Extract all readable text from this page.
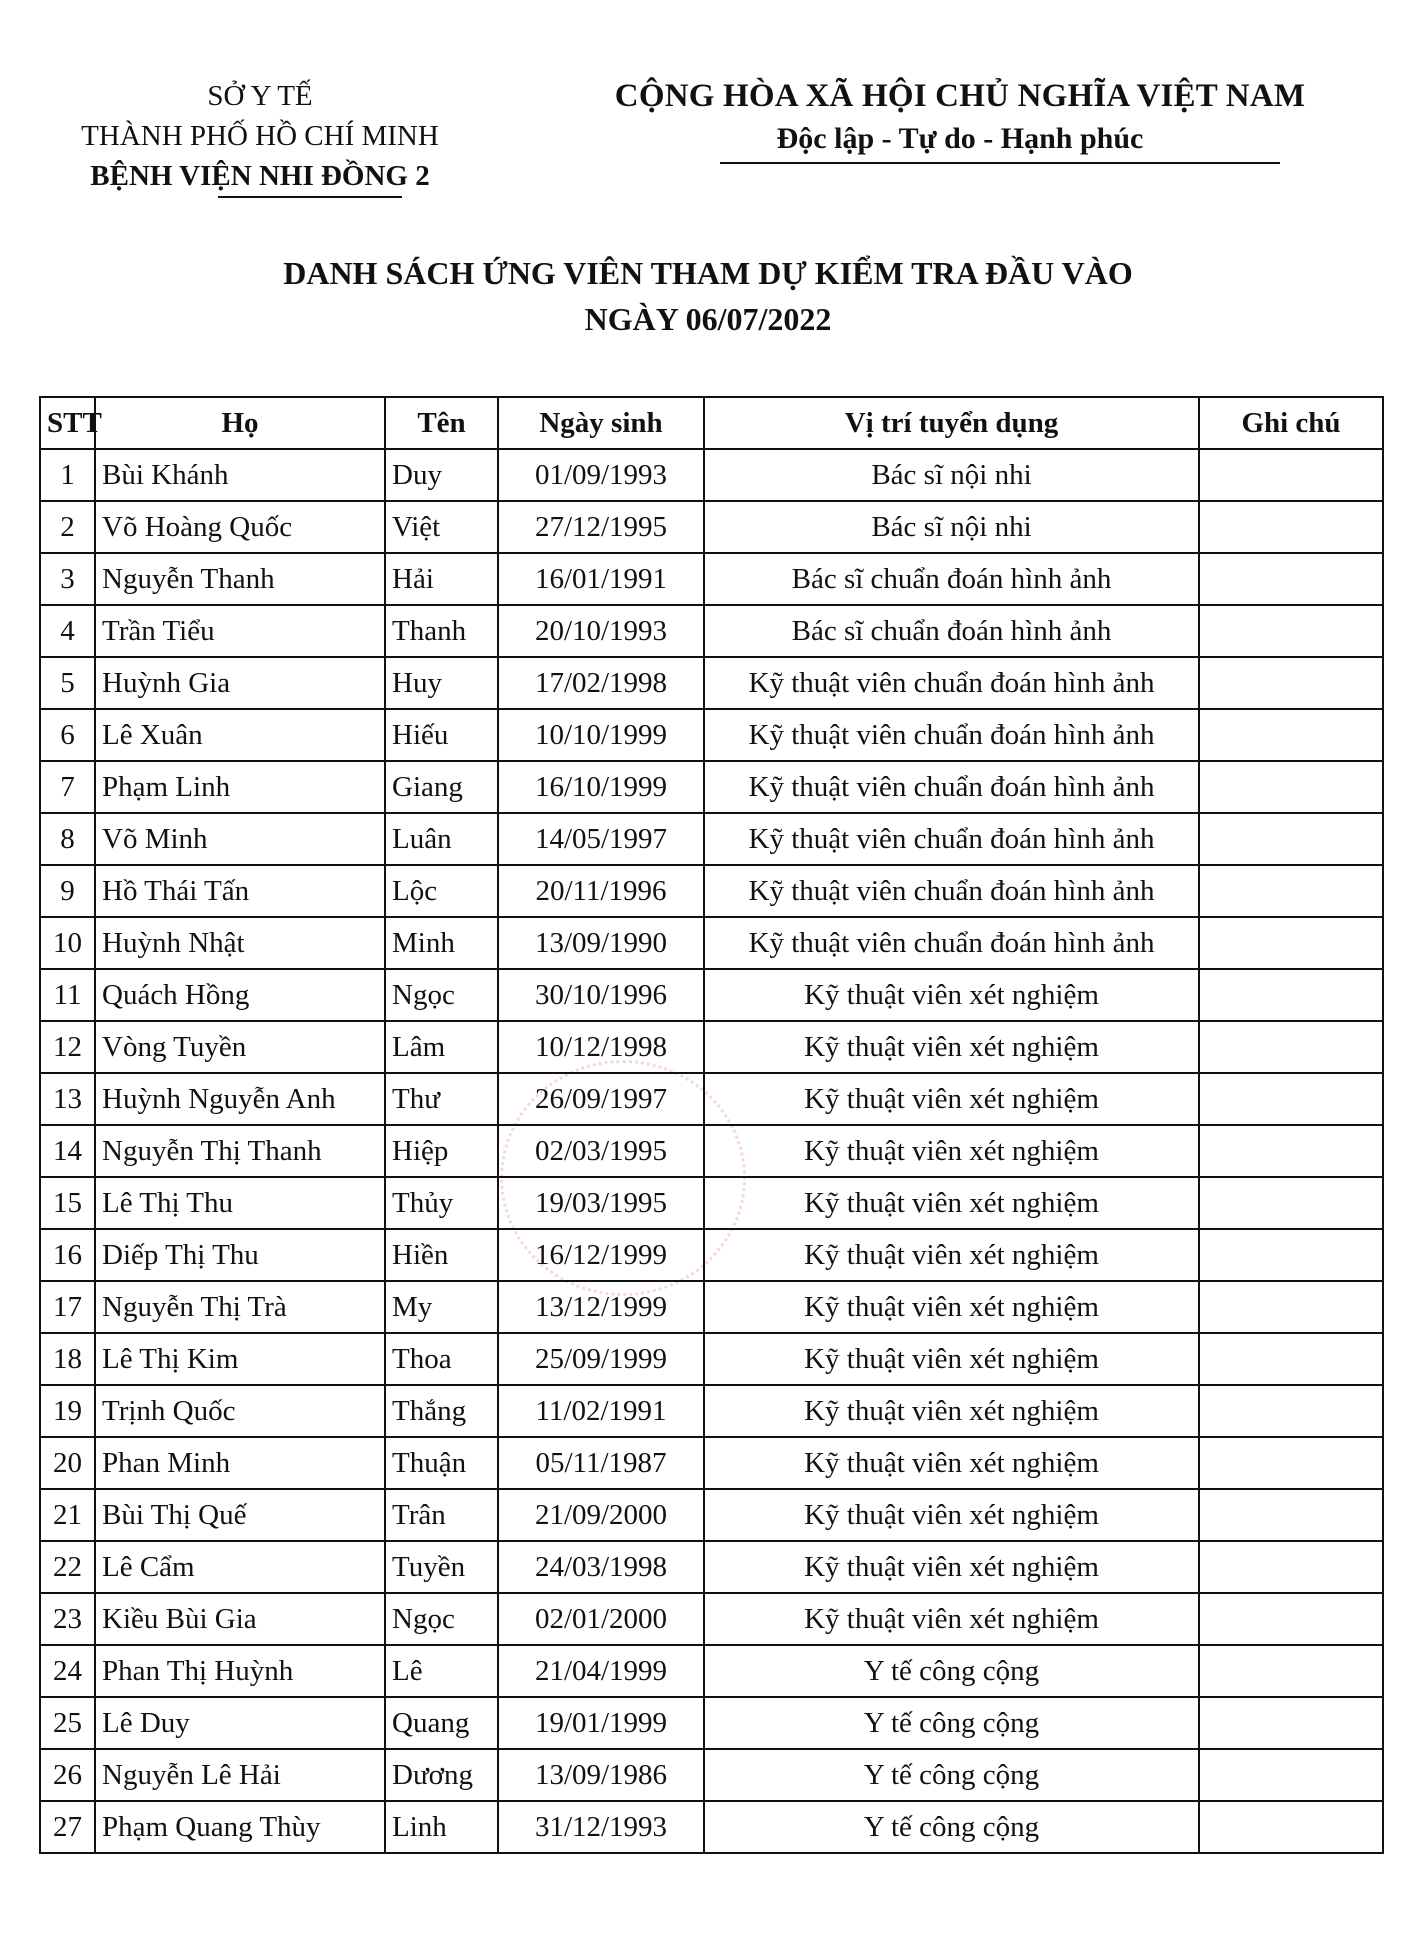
SỞ Y TẾ
THÀNH PHỐ HỒ CHÍ MINH
BỆNH VIỆN NHI ĐỒNG 2
CỘNG HÒA XÃ HỘI CHỦ NGHĨA VIỆT NAM
Độc lập - Tự do - Hạnh phúc
DANH SÁCH ỨNG VIÊN THAM DỰ KIỂM TRA ĐẦU VÀO
NGÀY 06/07/2022
STT	Họ	Tên	Ngày sinh	Vị trí tuyển dụng	Ghi chú
1	Bùi Khánh	Duy	01/09/1993	Bác sĩ nội nhi	
2	Võ Hoàng Quốc	Việt	27/12/1995	Bác sĩ nội nhi	
3	Nguyễn Thanh	Hải	16/01/1991	Bác sĩ chuẩn đoán hình ảnh	
4	Trần Tiểu	Thanh	20/10/1993	Bác sĩ chuẩn đoán hình ảnh	
5	Huỳnh Gia	Huy	17/02/1998	Kỹ thuật viên chuẩn đoán hình ảnh	
6	Lê Xuân	Hiếu	10/10/1999	Kỹ thuật viên chuẩn đoán hình ảnh	
7	Phạm Linh	Giang	16/10/1999	Kỹ thuật viên chuẩn đoán hình ảnh	
8	Võ Minh	Luân	14/05/1997	Kỹ thuật viên chuẩn đoán hình ảnh	
9	Hồ Thái Tấn	Lộc	20/11/1996	Kỹ thuật viên chuẩn đoán hình ảnh	
10	Huỳnh Nhật	Minh	13/09/1990	Kỹ thuật viên chuẩn đoán hình ảnh	
11	Quách Hồng	Ngọc	30/10/1996	Kỹ thuật viên xét nghiệm	
12	Vòng Tuyền	Lâm	10/12/1998	Kỹ thuật viên xét nghiệm	
13	Huỳnh Nguyễn Anh	Thư	26/09/1997	Kỹ thuật viên xét nghiệm	
14	Nguyễn Thị Thanh	Hiệp	02/03/1995	Kỹ thuật viên xét nghiệm	
15	Lê Thị Thu	Thủy	19/03/1995	Kỹ thuật viên xét nghiệm	
16	Diếp Thị Thu	Hiền	16/12/1999	Kỹ thuật viên xét nghiệm	
17	Nguyễn Thị Trà	My	13/12/1999	Kỹ thuật viên xét nghiệm	
18	Lê Thị Kim	Thoa	25/09/1999	Kỹ thuật viên xét nghiệm	
19	Trịnh Quốc	Thắng	11/02/1991	Kỹ thuật viên xét nghiệm	
20	Phan Minh	Thuận	05/11/1987	Kỹ thuật viên xét nghiệm	
21	Bùi Thị Quế	Trân	21/09/2000	Kỹ thuật viên xét nghiệm	
22	Lê Cẩm	Tuyền	24/03/1998	Kỹ thuật viên xét nghiệm	
23	Kiều Bùi Gia	Ngọc	02/01/2000	Kỹ thuật viên xét nghiệm	
24	Phan Thị Huỳnh	Lê	21/04/1999	Y tế công cộng	
25	Lê Duy	Quang	19/01/1999	Y tế công cộng	
26	Nguyễn Lê Hải	Dương	13/09/1986	Y tế công cộng	
27	Phạm Quang Thùy	Linh	31/12/1993	Y tế công cộng	
